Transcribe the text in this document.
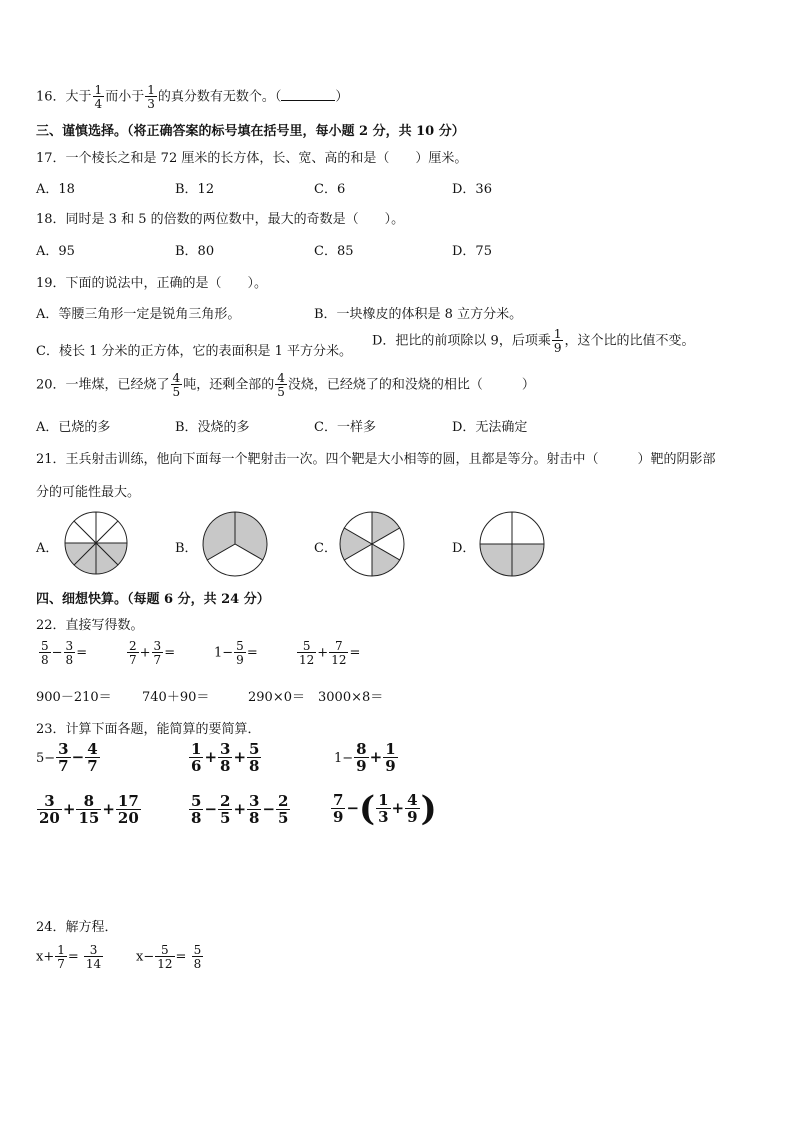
16．大于 $\frac{1}{4}$ 而小于 $\frac{1}{3}$ 的真分数有无数个。（	）
三、谨慎选择。（将正确答案的标号填在括号里，每小题 2 分，共 10 分）
17．一个棱长之和是 72 厘米的长方体，长、宽、高的和是（　　）厘米。
A．18	B．12	C．6	D．36
18．同时是 3 和 5 的倍数的两位数中，最大的奇数是（　　）。
A．95	B．80	C．85	D．75
19．下面的说法中，正确的是（　　）。
A．等腰三角形一定是锐角三角形。	B．一块橡皮的体积是 8 立方分米。
C．棱长 1 分米的正方体，它的表面积是 1 平方分米。
D．把比的前项除以 9，后项乘 $\frac{1}{9}$ ，这个比的比值不变。
20．一堆煤，已经烧了 $\frac{4}{5}$ 吨，还剩全部的 $\frac{4}{5}$ 没烧，已经烧了的和没烧的相比（　　　）
A．已烧的多	B．没烧的多	C．一样多	D．无法确定
21．王兵射击训练，他向下面每一个靶射击一次。四个靶是大小相等的圆，且都是等分。射击中（　　　）靶的阴影部
分的可能性最大。
A．	B．	C．	D．
四、细想快算。（每题 6 分，共 24 分）
22．直接写得数。
$\frac{5}{8} - \frac{3}{8}$ =	$\frac{2}{7} + \frac{3}{7}$ =	$1- \frac{5}{9}$ =	$\frac{5}{12} + \frac{7}{12}$ =
900－210＝ 740＋90＝	290×0＝ 3000×8＝
23．计算下面各题，能简算的要简算．
$5- \frac{3}{7} - \frac{4}{7}$	$\frac{1}{6} + \frac{3}{8} + \frac{5}{8}$	$1- \frac{8}{9} + \frac{1}{9}$
$\frac{3}{20} + \frac{8}{15} + \frac{17}{20}$	$\frac{5}{8} - \frac{2}{5} + \frac{3}{8} - \frac{2}{5}$	$\frac{7}{9}$ −( $\frac{1}{3} + \frac{4}{9}$ )
24．解方程．
$x+ \frac{1}{7} = \frac{3}{14}$	$x- \frac{5}{12} = \frac{5}{8}$
